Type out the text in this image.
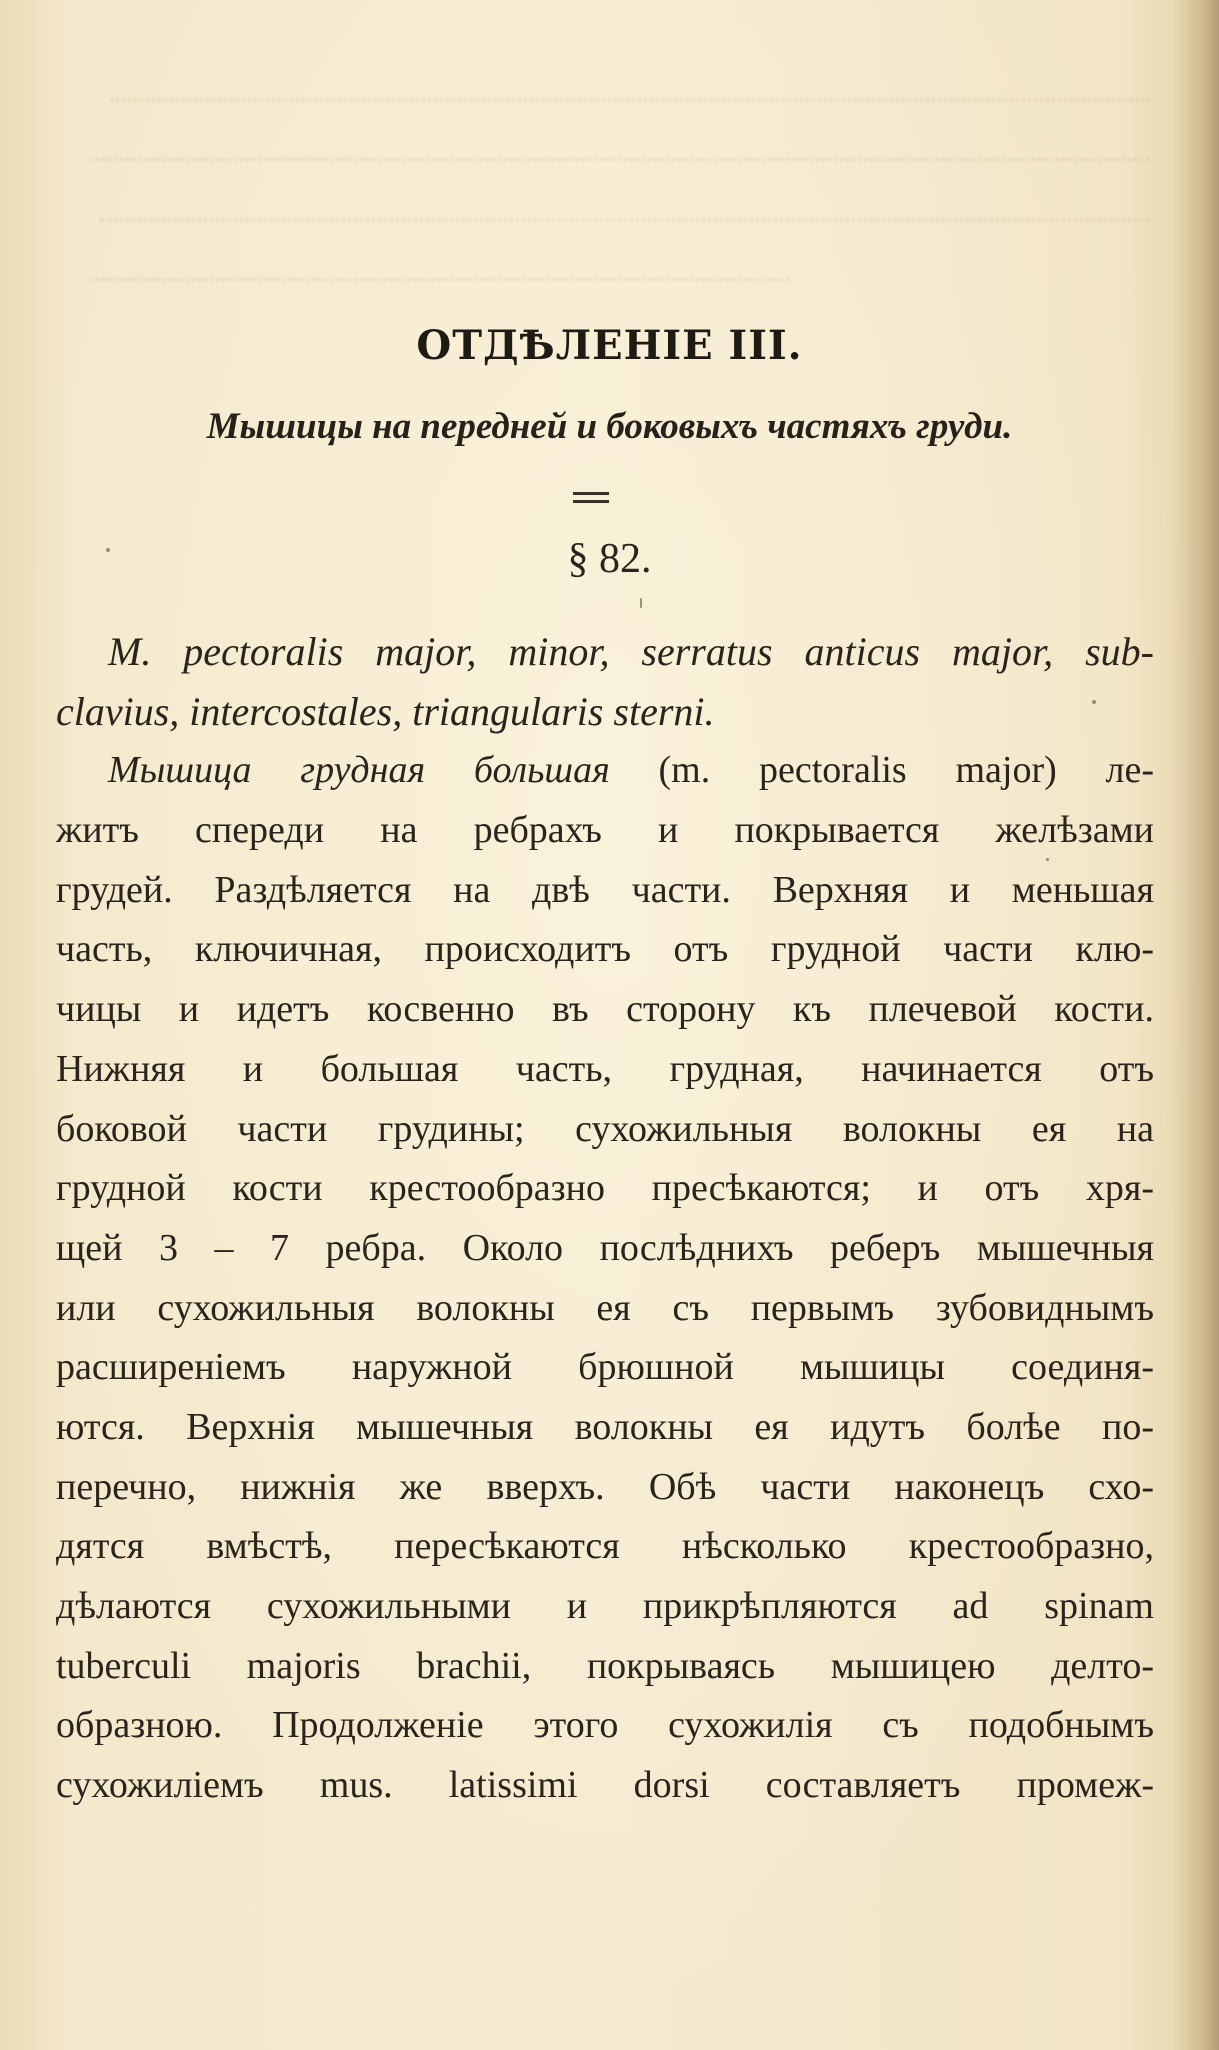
ОТДѢЛЕНІЕ III.
Мышицы на передней и боковыхъ частяхъ груди.
§ 82.
M. pectoralis major, minor, serratus anticus major, sub-
clavius, intercostales, triangularis sterni.
Мышица грудная большая (m. pectoralis major) ле-
житъ спереди на ребрахъ и покрывается желѣзами
грудей. Раздѣляется на двѣ части. Верхняя и меньшая
часть, ключичная, происходитъ отъ грудной части клю-
чицы и идетъ косвенно въ сторону къ плечевой кости.
Нижняя и большая часть, грудная, начинается отъ
боковой части грудины; сухожильныя волокны ея на
грудной кости крестообразно пресѣкаются; и отъ хря-
щей 3 – 7 ребра. Около послѣднихъ реберъ мышечныя
или сухожильныя волокны ея съ первымъ зубовиднымъ
расширенiемъ наружной брюшной мышицы соединя-
ются. Верхнiя мышечныя волокны ея идутъ болѣе по-
перечно, нижнiя же вверхъ. Обѣ части наконецъ схо-
дятся вмѣстѣ, пересѣкаются нѣсколько крестообразно,
дѣлаются сухожильными и прикрѣпляются ad spinam
tuberculi majoris brachii, покрываясь мышицею делто-
образною. Продолженiе этого сухожилiя съ подобнымъ
сухожилiемъ mus. latissimi dorsi составляетъ промеж-
